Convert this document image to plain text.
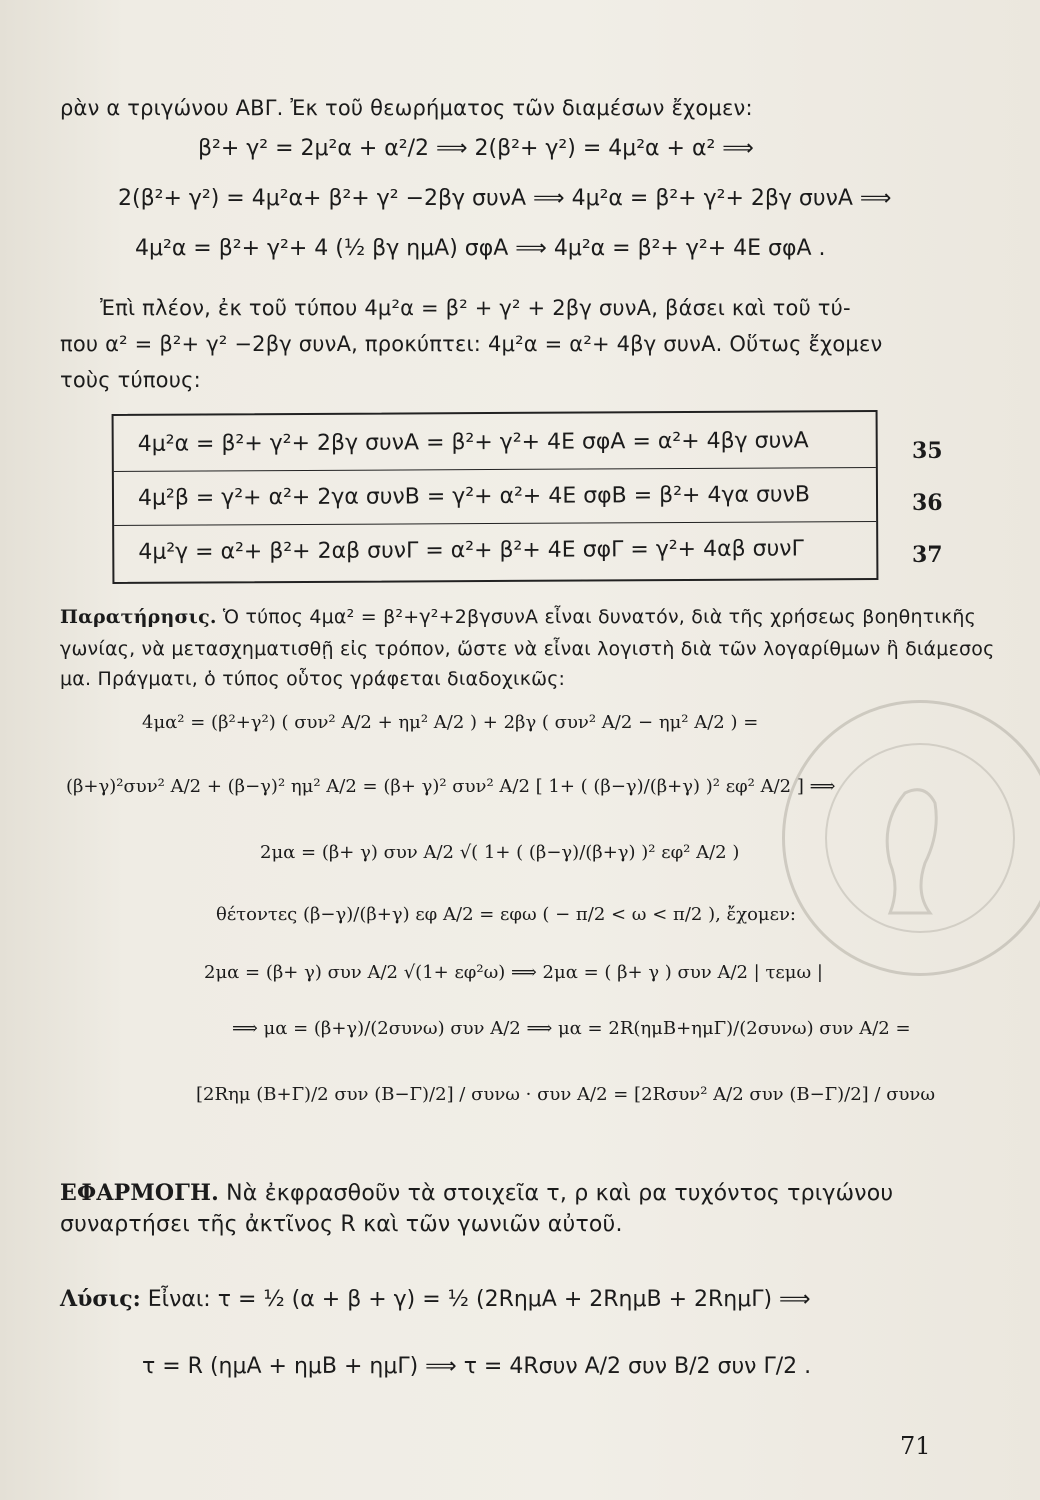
ρὰν α τριγώνου ΑΒΓ. Ἐκ τοῦ θεωρήματος τῶν διαμέσων ἔχομεν:
β²+ γ² = 2μ²α + α²/2 ⟹ 2(β²+ γ²) = 4μ²α + α² ⟹
2(β²+ γ²) = 4μ²α+ β²+ γ² −2βγ συνΑ ⟹ 4μ²α = β²+ γ²+ 2βγ συνΑ ⟹
4μ²α = β²+ γ²+ 4 (½ βγ ημΑ) σφΑ ⟹ 4μ²α = β²+ γ²+ 4Ε σφΑ .
Ἐπὶ πλέον, ἐκ τοῦ τύπου 4μ²α = β² + γ² + 2βγ συνΑ, βάσει καὶ τοῦ τύ-
που α² = β²+ γ² −2βγ συνΑ, προκύπτει: 4μ²α = α²+ 4βγ συνΑ. Οὕτως ἔχομεν
τοὺς τύπους:
4μ²α = β²+ γ²+ 2βγ συνΑ = β²+ γ²+ 4Ε σφΑ = α²+ 4βγ συνΑ
4μ²β = γ²+ α²+ 2γα συνΒ = γ²+ α²+ 4Ε σφΒ = β²+ 4γα συνΒ
4μ²γ = α²+ β²+ 2αβ συνΓ = α²+ β²+ 4Ε σφΓ = γ²+ 4αβ συνΓ
35
36
37
Παρατήρησις. Ὁ τύπος 4μα² = β²+γ²+2βγσυνΑ εἶναι δυνατόν, διὰ τῆς χρήσεως βοηθητικῆς
γωνίας, νὰ μετασχηματισθῇ εἰς τρόπον, ὥστε νὰ εἶναι λογιστὴ διὰ τῶν λογαρίθμων ἢ διάμεσος
μα. Πράγματι, ὁ τύπος οὗτος γράφεται διαδοχικῶς:
4μα² = (β²+γ²) ( συν² Α/2 + ημ² Α/2 ) + 2βγ ( συν² Α/2 − ημ² Α/2 ) =
(β+γ)²συν² Α/2 + (β−γ)² ημ² Α/2 = (β+ γ)² συν² Α/2 [ 1+ ( (β−γ)/(β+γ) )² εφ² Α/2 ] ⟹
2μα = (β+ γ) συν Α/2 √( 1+ ( (β−γ)/(β+γ) )² εφ² Α/2 )
θέτοντες (β−γ)/(β+γ) εφ Α/2 = εφω ( − π/2 < ω < π/2 ), ἔχομεν:
2μα = (β+ γ) συν Α/2 √(1+ εφ²ω) ⟹ 2μα = ( β+ γ ) συν Α/2 | τεμω |
⟹ μα = (β+γ)/(2συνω) συν Α/2 ⟹ μα = 2R(ημΒ+ημΓ)/(2συνω) συν Α/2 =
[2Rημ (Β+Γ)/2 συν (Β−Γ)/2] / συνω · συν Α/2 = [2Rσυν² Α/2 συν (Β−Γ)/2] / συνω
ΕΦΑΡΜΟΓΗ. Νὰ ἐκφρασθοῦν τὰ στοιχεῖα τ, ρ καὶ ρα τυχόντος τριγώνου
συναρτήσει τῆς ἀκτῖνος R καὶ τῶν γωνιῶν αὐτοῦ.
Λύσις: Εἶναι: τ = ½ (α + β + γ) = ½ (2RημΑ + 2RημΒ + 2RημΓ) ⟹
τ = R (ημΑ + ημΒ + ημΓ) ⟹ τ = 4Rσυν Α/2 συν Β/2 συν Γ/2 .
71
